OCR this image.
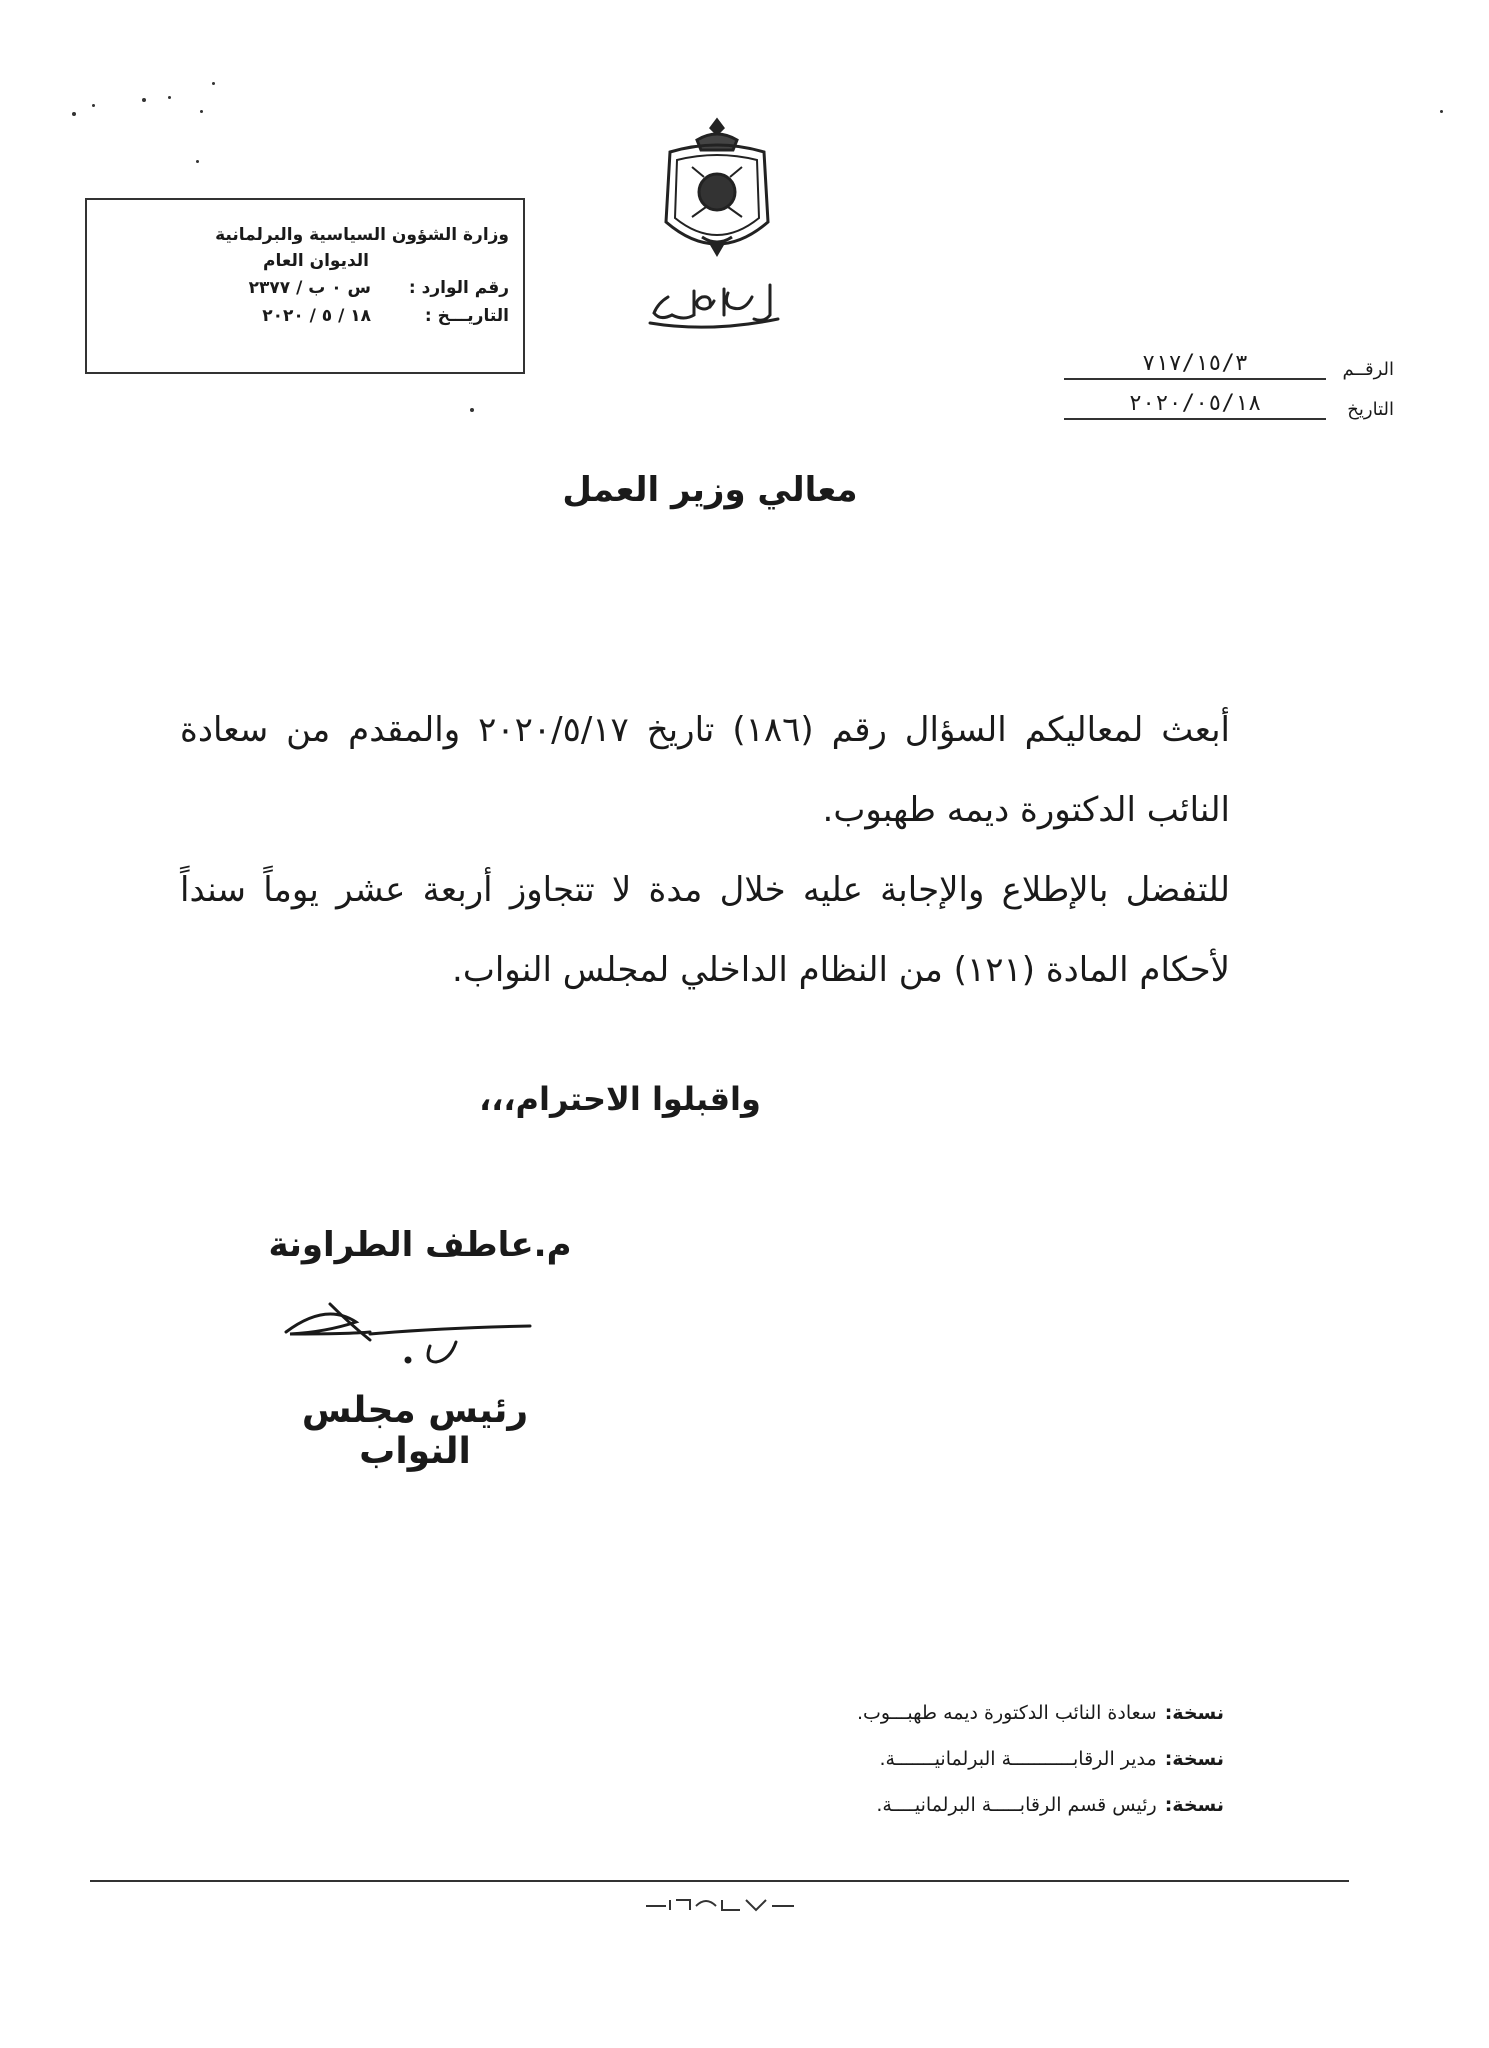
وزارة الشؤون السياسية والبرلمانية
الديوان العام
رقم الوارد :
س ٠ ب / ٢٣٧٧
التاريـــخ :
١٨ / ٥ / ٢٠٢٠
مجلس النواب
الرقــم
٧١٧/١٥/٣
التاريخ
٢٠٢٠/٠٥/١٨
معالي وزير العمل

أبعث لمعاليكم السؤال رقم (١٨٦) تاريخ ٢٠٢٠/٥/١٧ والمقدم من سعادة النائب الدكتورة ديمه طهبوب.

للتفضل بالإطلاع والإجابة عليه خلال مدة لا تتجاوز أربعة عشر يوماً سنداً لأحكام المادة (١٢١) من النظام الداخلي لمجلس النواب.

واقبلوا الاحترام،،،
م.عاطف الطراونة
رئيس مجلس النواب
نسخة:
سعادة النائب الدكتورة ديمه طهبـــوب.
نسخة:
مدير الرقابـــــــــــة البرلمانيـــــــة.
نسخة:
رئيس قسم الرقابـــــة البرلمانيــــة.
